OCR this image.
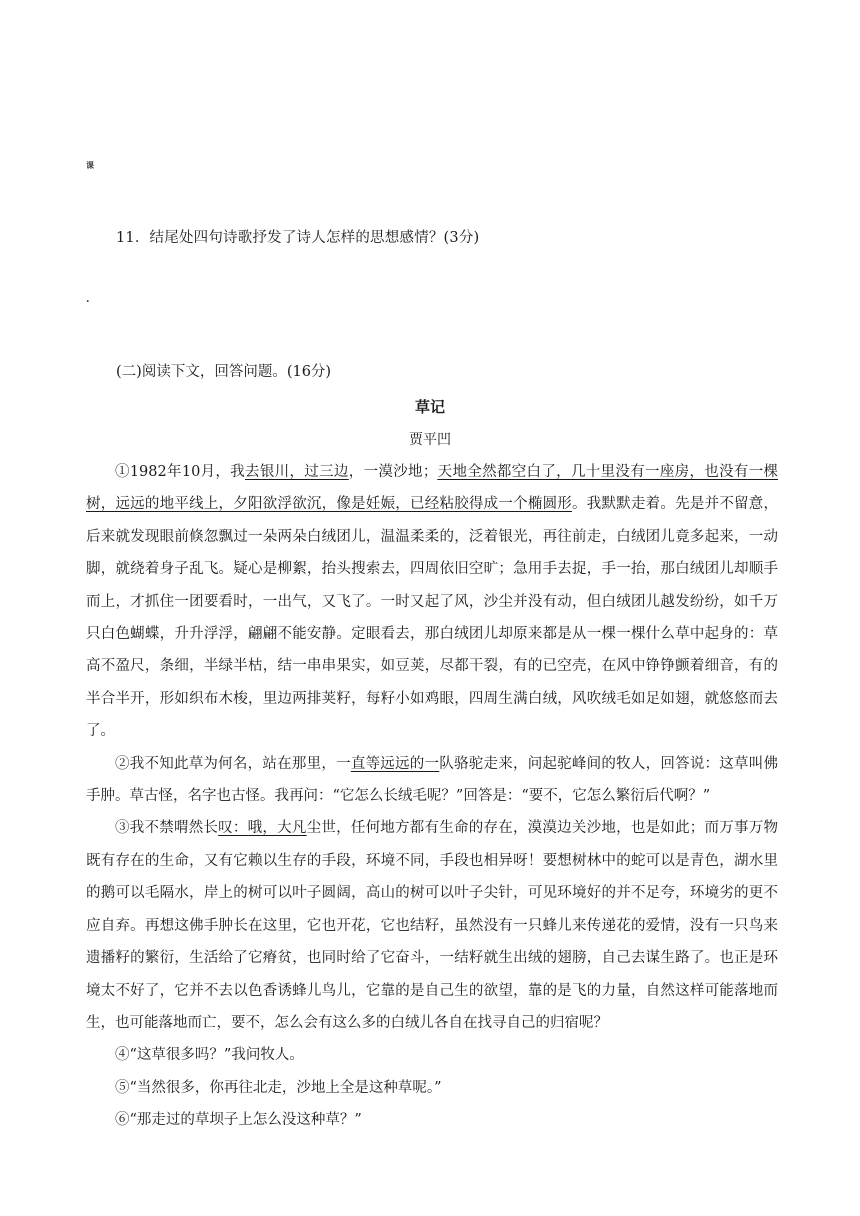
课
11．结尾处四句诗歌抒发了诗人怎样的思想感情？(3分)
.
(二)阅读下文，回答问题。(16分)
草记
贾平凹

①1982年10月，我去银川，过三边，一漠沙地；天地全然都空白了，几十里没有一座房，也没有一棵树，远远的地平线上，夕阳欲浮欲沉，像是妊娠，已经粘胶得成一个椭圆形。我默默走着。先是并不留意，后来就发现眼前倏忽飘过一朵两朵白绒团儿，温温柔柔的，泛着银光，再往前走，白绒团儿竟多起来，一动脚，就绕着身子乱飞。疑心是柳絮，抬头搜索去，四周依旧空旷；急用手去捉，手一抬，那白绒团儿却顺手而上，才抓住一团要看时，一出气，又飞了。一时又起了风，沙尘并没有动，但白绒团儿越发纷纷，如千万只白色蝴蝶，升升浮浮，翩翩不能安静。定眼看去，那白绒团儿却原来都是从一棵一棵什么草中起身的：草高不盈尺，条细，半绿半枯，结一串串果实，如豆荚，尽都干裂，有的已空壳，在风中铮铮颤着细音，有的半合半开，形如织布木梭，里边两排荚籽，每籽小如鸡眼，四周生满白绒，风吹绒毛如足如翅，就悠悠而去了。

②我不知此草为何名，站在那里，一直等远远的一队骆驼走来，问起驼峰间的牧人，回答说：这草叫佛手肿。草古怪，名字也古怪。我再问：“它怎么长绒毛呢？”回答是：“要不，它怎么繁衍后代啊？”

③我不禁喟然长叹：哦，大凡尘世，任何地方都有生命的存在，漠漠边关沙地，也是如此；而万事万物既有存在的生命，又有它赖以生存的手段，环境不同，手段也相异呀！要想树林中的蛇可以是青色，湖水里的鹅可以毛隔水，岸上的树可以叶子圆阔，高山的树可以叶子尖针，可见环境好的并不足夸，环境劣的更不应自弃。再想这佛手肿长在这里，它也开花，它也结籽，虽然没有一只蜂儿来传递花的爱情，没有一只鸟来遗播籽的繁衍，生活给了它瘠贫，也同时给了它奋斗，一结籽就生出绒的翅膀，自己去谋生路了。也正是环境太不好了，它并不去以色香诱蜂儿鸟儿，它靠的是自己生的欲望，靠的是飞的力量，自然这样可能落地而生，也可能落地而亡，要不，怎么会有这么多的白绒儿各自在找寻自己的归宿呢？

④“这草很多吗？”我问牧人。

⑤“当然很多，你再往北走，沙地上全是这种草呢。”

⑥“那走过的草坝子上怎么没这种草？”
